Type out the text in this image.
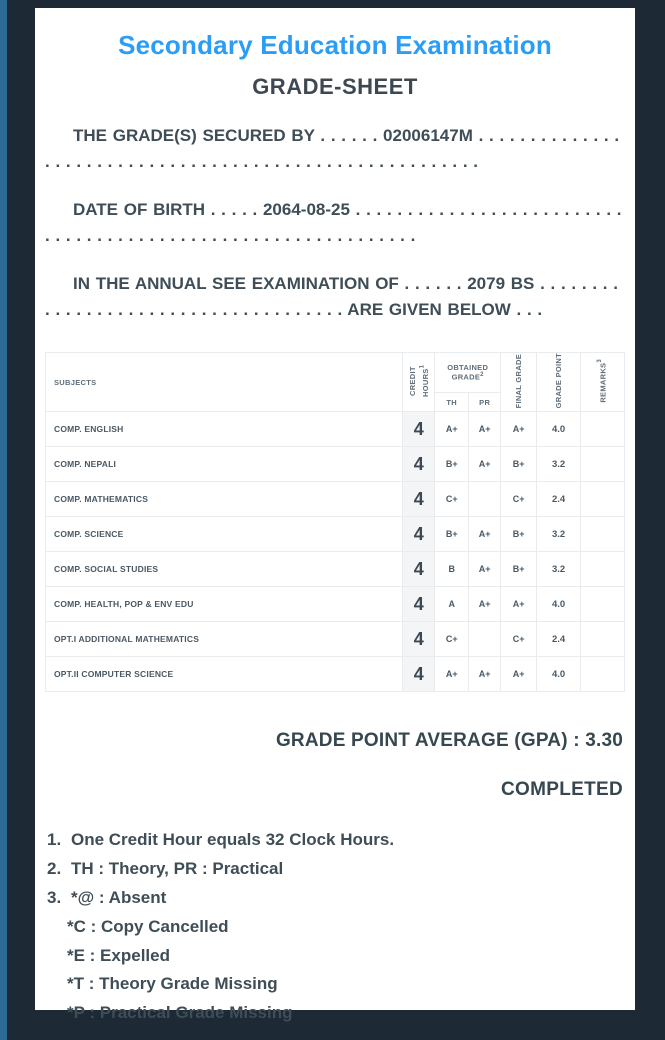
Secondary Education Examination
GRADE-SHEET

THE GRADE(S) SECURED BY . . . . . . 02006147M . . . . . . . . . . . . . . . . . . . . . . . . . . . . . . . . . . . . . . . . . . . . . . . . . . . . . . . .

DATE OF BIRTH . . . . . 2064-08-25 . . . . . . . . . . . . . . . . . . . . . . . . . . . . . . . . . . . . . . . . . . . . . . . . . . . . . . . . . . . . . .

IN THE ANNUAL SEE EXAMINATION OF . . . . . . 2079 BS . . . . . . . . . . . . . . . . . . . . . . . . . . . . . . . . . . . . . ARE GIVEN BELOW . . .

SUBJECTS	CREDIT HOURS$^1$	OBTAINED GRADE$^2$		FINAL GRADE	GRADE POINT	REMARKS$^3$
		TH	PR			
COMP. ENGLISH	4	A+	A+	A+	4.0	
COMP. NEPALI	4	B+	A+	B+	3.2	
COMP. MATHEMATICS	4	C+		C+	2.4	
COMP. SCIENCE	4	B+	A+	B+	3.2	
COMP. SOCIAL STUDIES	4	B	A+	B+	3.2	
COMP. HEALTH, POP & ENV EDU	4	A	A+	A+	4.0	
OPT.I ADDITIONAL MATHEMATICS	4	C+		C+	2.4	
OPT.II COMPUTER SCIENCE	4	A+	A+	A+	4.0	
GRADE POINT AVERAGE (GPA) : 3.30
COMPLETED
1. One Credit Hour equals 32 Clock Hours.
2. TH : Theory, PR : Practical
3. *@ : Absent
*C : Copy Cancelled
*E : Expelled
*T : Theory Grade Missing
*P : Practical Grade Missing
